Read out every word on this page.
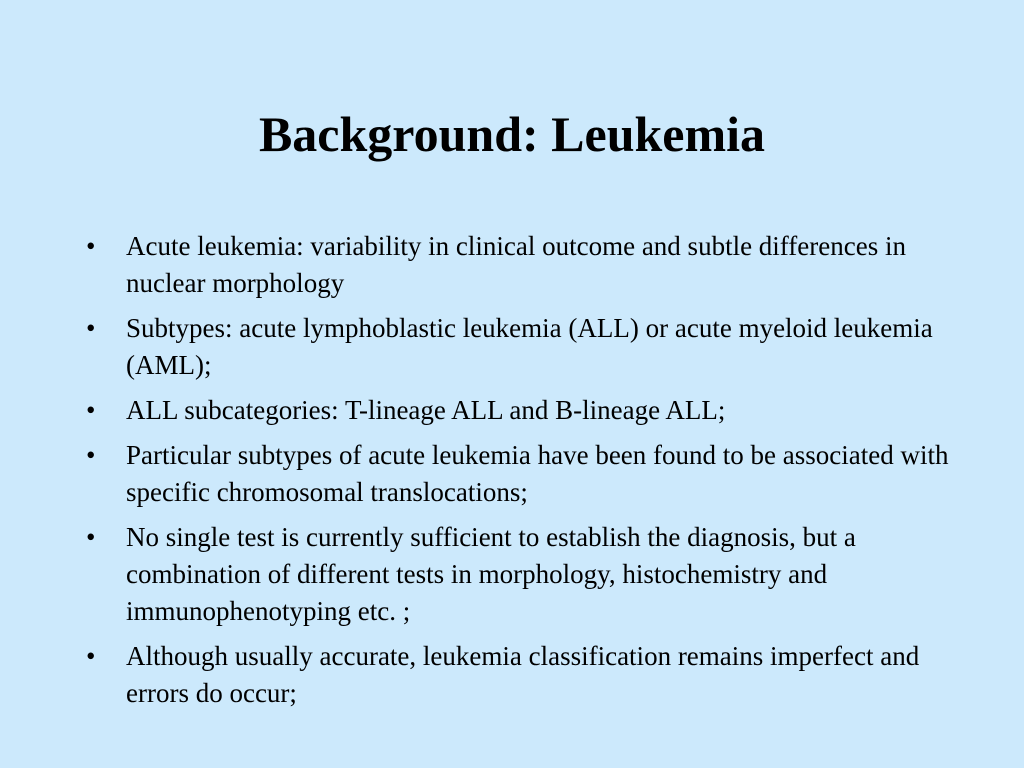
Background: Leukemia
•	Acute leukemia: variability in clinical outcome and subtle differences in nuclear morphology
•	Subtypes: acute lymphoblastic leukemia (ALL) or acute myeloid leukemia (AML);
•	ALL subcategories: T-lineage ALL and B-lineage ALL;
•	Particular subtypes of acute leukemia have been found to be associated with specific chromosomal translocations;
•	No single test is currently sufficient to establish the diagnosis, but a combination of different tests in morphology, histochemistry and immunophenotyping etc. ;
•	Although usually accurate, leukemia classification remains imperfect and errors do occur;
